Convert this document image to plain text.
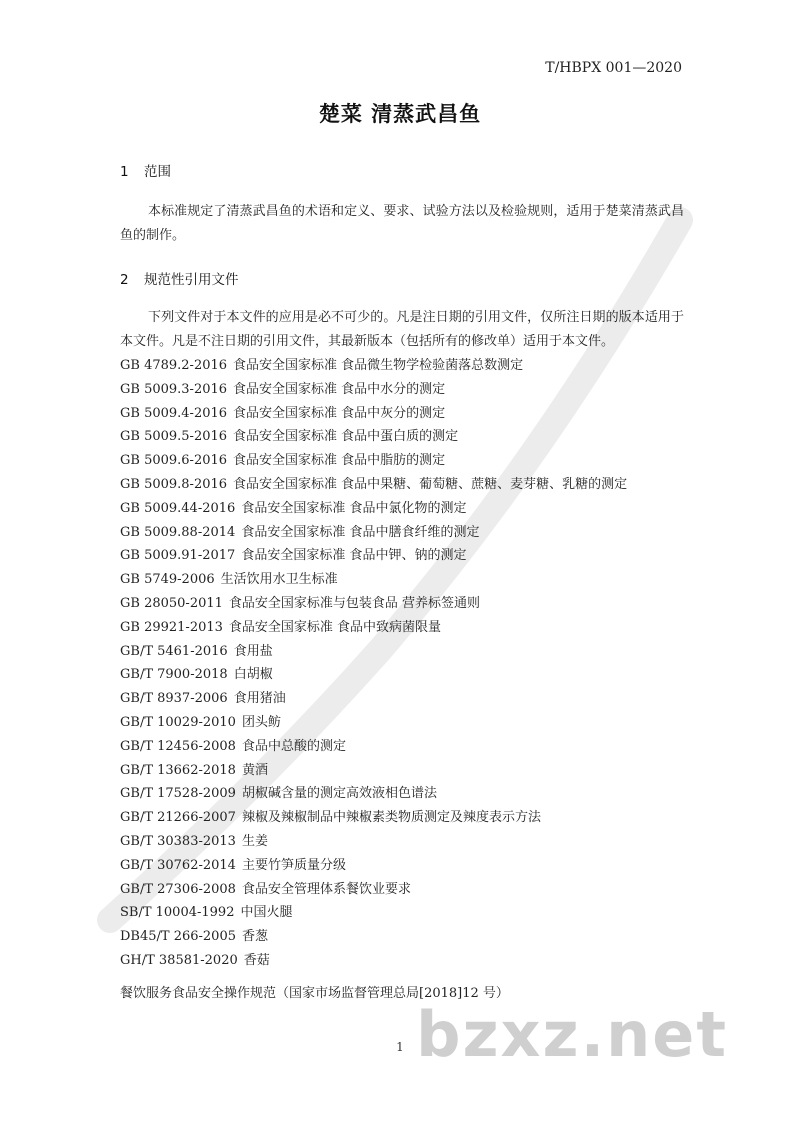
T/HBPX 001—2020
楚菜 清蒸武昌鱼
1 范围
本标准规定了清蒸武昌鱼的术语和定义、要求、试验方法以及检验规则，适用于楚菜清蒸武昌鱼的制作。
2 规范性引用文件
下列文件对于本文件的应用是必不可少的。凡是注日期的引用文件，仅所注日期的版本适用于本文件。凡是不注日期的引用文件，其最新版本（包括所有的修改单）适用于本文件。
GB 4789.2-2016 食品安全国家标准 食品微生物学检验菌落总数测定
GB 5009.3-2016 食品安全国家标准 食品中水分的测定
GB 5009.4-2016 食品安全国家标准 食品中灰分的测定
GB 5009.5-2016 食品安全国家标准 食品中蛋白质的测定
GB 5009.6-2016 食品安全国家标准 食品中脂肪的测定
GB 5009.8-2016 食品安全国家标准 食品中果糖、葡萄糖、蔗糖、麦芽糖、乳糖的测定
GB 5009.44-2016 食品安全国家标准 食品中氯化物的测定
GB 5009.88-2014 食品安全国家标准 食品中膳食纤维的测定
GB 5009.91-2017 食品安全国家标准 食品中钾、钠的测定
GB 5749-2006 生活饮用水卫生标准
GB 28050-2011 食品安全国家标准与包装食品 营养标签通则
GB 29921-2013 食品安全国家标准 食品中致病菌限量
GB/T 5461-2016 食用盐
GB/T 7900-2018 白胡椒
GB/T 8937-2006 食用猪油
GB/T 10029-2010 团头鲂
GB/T 12456-2008 食品中总酸的测定
GB/T 13662-2018 黄酒
GB/T 17528-2009 胡椒碱含量的测定高效液相色谱法
GB/T 21266-2007 辣椒及辣椒制品中辣椒素类物质测定及辣度表示方法
GB/T 30383-2013 生姜
GB/T 30762-2014 主要竹笋质量分级
GB/T 27306-2008 食品安全管理体系餐饮业要求
SB/T 10004-1992 中国火腿
DB45/T 266-2005 香葱
GH/T 38581-2020 香菇
餐饮服务食品安全操作规范（国家市场监督管理总局[2018]12 号）
bzxz.net
1
